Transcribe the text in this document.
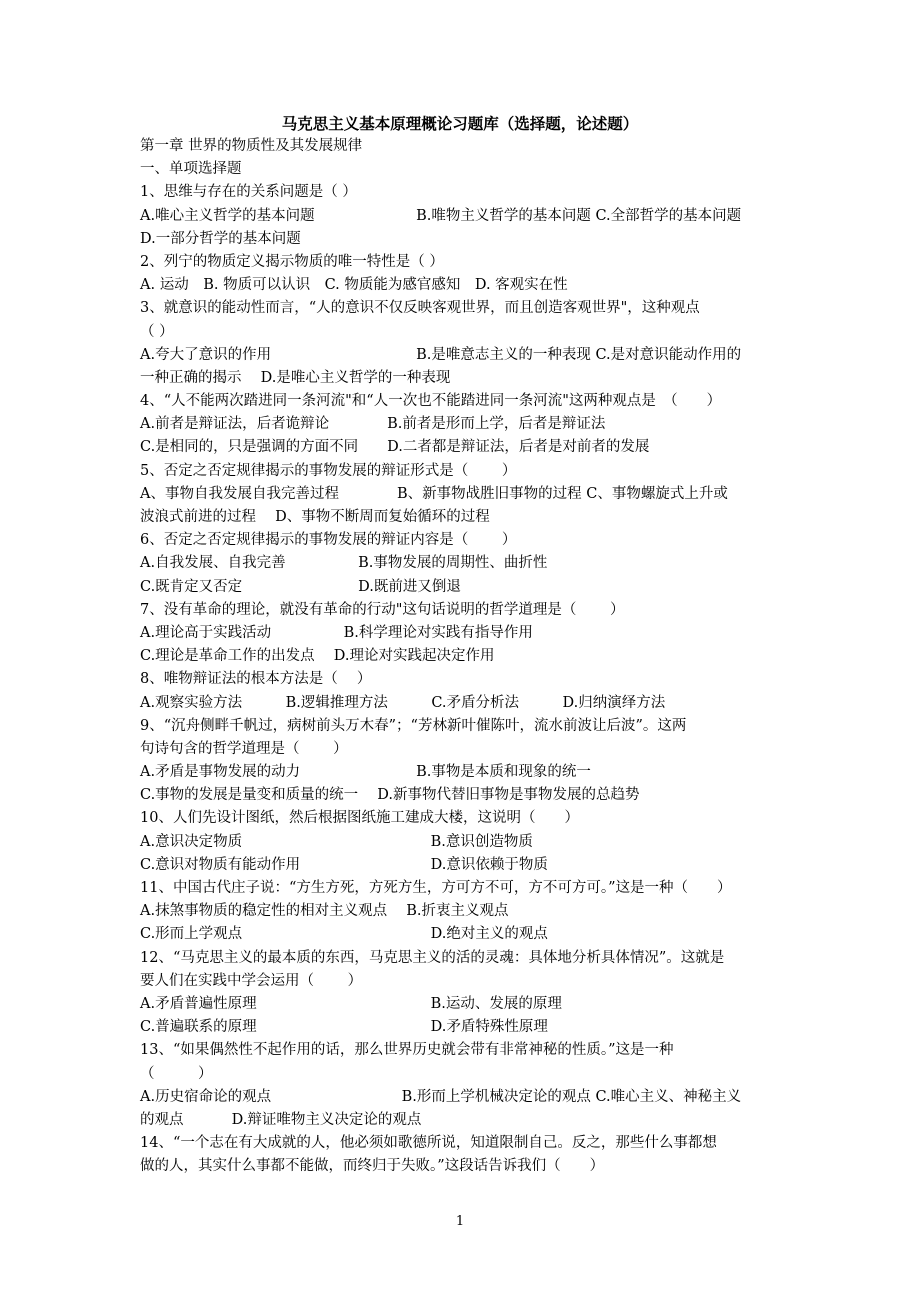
马克思主义基本原理概论习题库（选择题，论述题）
第一章 世界的物质性及其发展规律
一、单项选择题
1、思维与存在的关系问题是（ ）
A.唯心主义哲学的基本问题　　　　　　　B.唯物主义哲学的基本问题 C.全部哲学的基本问题
D.一部分哲学的基本问题
2、列宁的物质定义揭示物质的唯一特性是（ ）
A. 运动　B. 物质可以认识　C. 物质能为感官感知　D. 客观实在性
3、就意识的能动性而言，“人的意识不仅反映客观世界，而且创造客观世界"，这种观点
（ ）
A.夸大了意识的作用　　　　　　　　　　B.是唯意志主义的一种表现 C.是对意识能动作用的
一种正确的揭示　 D.是唯心主义哲学的一种表现
4、“人不能两次踏进同一条河流"和“人一次也不能踏进同一条河流"这两种观点是　（　　）
A.前者是辩证法，后者诡辩论　　　　B.前者是形而上学，后者是辩证法
C.是相同的，只是强调的方面不同　　D.二者都是辩证法，后者是对前者的发展
5、否定之否定规律揭示的事物发展的辩证形式是（　　 ）
A、事物自我发展自我完善过程　　　　B、新事物战胜旧事物的过程 C、事物螺旋式上升或
波浪式前进的过程　 D、事物不断周而复始循环的过程
6、否定之否定规律揭示的事物发展的辩证内容是（　　 ）
A.自我发展、自我完善　　　　　B.事物发展的周期性、曲折性
C.既肯定又否定　　　　　　　　D.既前进又倒退
7、没有革命的理论，就没有革命的行动"这句话说明的哲学道理是（　　 ）
A.理论高于实践活动　　　　　B.科学理论对实践有指导作用
C.理论是革命工作的出发点　 D.理论对实践起决定作用
8、唯物辩证法的根本方法是（　 ）
A.观察实验方法　　　B.逻辑推理方法　　　C.矛盾分析法　　　D.归纳演绎方法
9、“沉舟侧畔千帆过，病树前头万木春”；“芳林新叶催陈叶，流水前波让后波”。这两
句诗句含的哲学道理是（　　 ）
A.矛盾是事物发展的动力　　　　　　　　B.事物是本质和现象的统一
C.事物的发展是量变和质量的统一　 D.新事物代替旧事物是事物发展的总趋势
10、人们先设计图纸，然后根据图纸施工建成大楼，这说明（　　）
A.意识决定物质　　　　　　　　　　　　　B.意识创造物质
C.意识对物质有能动作用　　　　　　　　　D.意识依赖于物质
11、中国古代庄子说：“方生方死，方死方生，方可方不可，方不可方可。”这是一种（　　）
A.抹煞事物质的稳定性的相对主义观点　 B.折衷主义观点
C.形而上学观点　　　　　　　　　　　　　D.绝对主义的观点
12、“马克思主义的最本质的东西，马克思主义的活的灵魂：具体地分析具体情况”。这就是
要人们在实践中学会运用（　　 ）
A.矛盾普遍性原理　　　　　　　　　　　　B.运动、发展的原理
C.普遍联系的原理　　　　　　　　　　　　D.矛盾特殊性原理
13、“如果偶然性不起作用的话，那么世界历史就会带有非常神秘的性质。”这是一种
（　　　）
A.历史宿命论的观点　　　　　　　　　B.形而上学机械决定论的观点 C.唯心主义、神秘主义
的观点　　　 D.辩证唯物主义决定论的观点
14、“一个志在有大成就的人，他必须如歌德所说，知道限制自己。反之，那些什么事都想
做的人，其实什么事都不能做，而终归于失败。”这段话告诉我们（　　）
1
